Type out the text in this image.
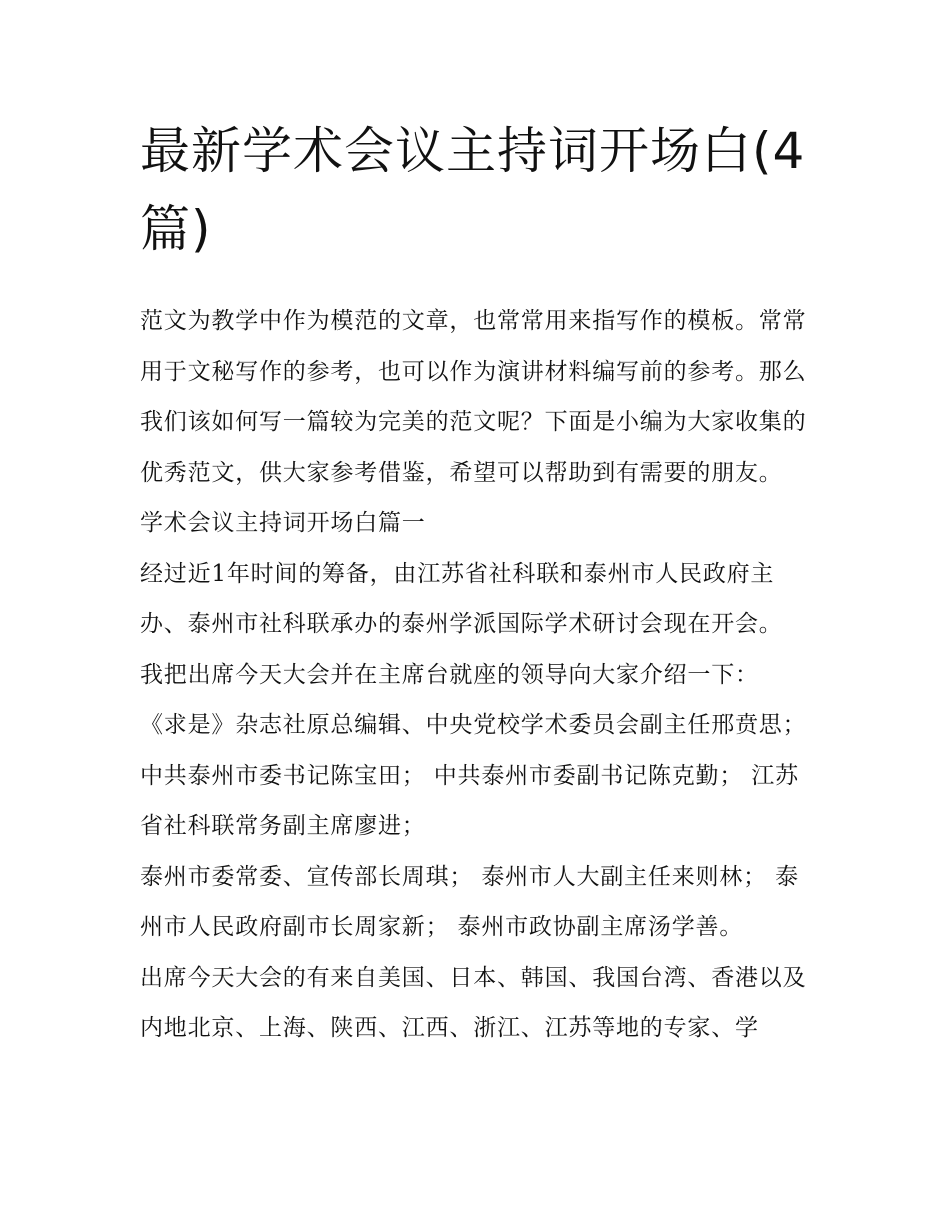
最新学术会议主持词开场白(4篇)

范文为教学中作为模范的文章，也常常用来指写作的模板。常常用于文秘写作的参考，也可以作为演讲材料编写前的参考。那么我们该如何写一篇较为完美的范文呢？下面是小编为大家收集的优秀范文，供大家参考借鉴，希望可以帮助到有需要的朋友。

学术会议主持词开场白篇一

经过近1年时间的筹备，由江苏省社科联和泰州市人民政府主办、泰州市社科联承办的泰州学派国际学术研讨会现在开会。

我把出席今天大会并在主席台就座的领导向大家介绍一下：

《求是》杂志社原总编辑、中央党校学术委员会副主任邢贲思； 中共泰州市委书记陈宝田； 中共泰州市委副书记陈克勤； 江苏省社科联常务副主席廖进；

泰州市委常委、宣传部长周琪； 泰州市人大副主任来则林； 泰州市人民政府副市长周家新； 泰州市政协副主席汤学善。

出席今天大会的有来自美国、日本、韩国、我国台湾、香港以及内地北京、上海、陕西、江西、浙江、江苏等地的专家、学
